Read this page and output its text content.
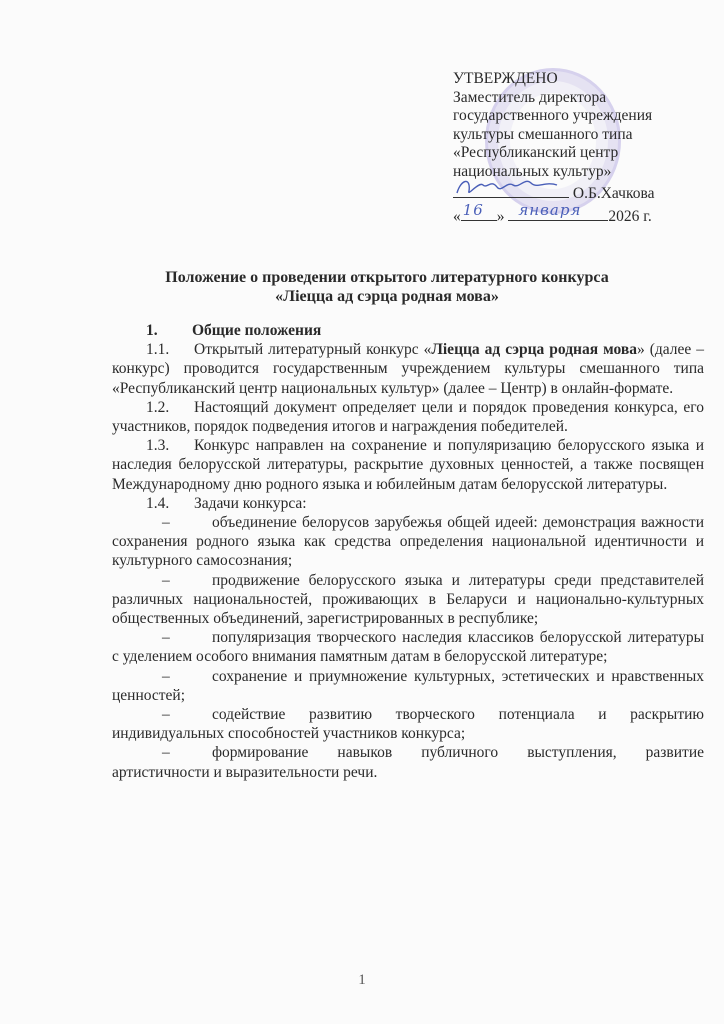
УТВЕРЖДЕНО
Заместитель директора
государственного учреждения
культуры смешанного типа
«Республиканский центр
национальных культур»
О.Б.Хачкова
« 16 » января 2026 г.
Положение о проведении открытого литературного конкурса
«Лiецца ад сэрца родная мова»

1. Общие положения

1.1. Открытый литературный конкурс «Лiецца ад сэрца родная мова» (далее – конкурс) проводится государственным учреждением культуры смешанного типа «Республиканский центр национальных культур» (далее – Центр) в онлайн-формате.

1.2. Настоящий документ определяет цели и порядок проведения конкурса, его участников, порядок подведения итогов и награждения победителей.

1.3. Конкурс направлен на сохранение и популяризацию белорусского языка и наследия белорусской литературы, раскрытие духовных ценностей, а также посвящен Международному дню родного языка и юбилейным датам белорусской литературы.

1.4. Задачи конкурса:

–	объединение белорусов зарубежья общей идеей: демонстрация важности сохранения родного языка как средства определения национальной идентичности и культурного самосознания;

–	продвижение белорусского языка и литературы среди представителей различных национальностей, проживающих в Беларуси и национально-культурных общественных объединений, зарегистрированных в республике;

–	популяризация творческого наследия классиков белорусской литературы с уделением особого внимания памятным датам в белорусской литературе;

–	сохранение и приумножение культурных, эстетических и нравственных ценностей;

–	содействие развитию творческого потенциала и раскрытию индивидуальных способностей участников конкурса;

–	формирование навыков публичного выступления, развитие артистичности и выразительности речи.

1
